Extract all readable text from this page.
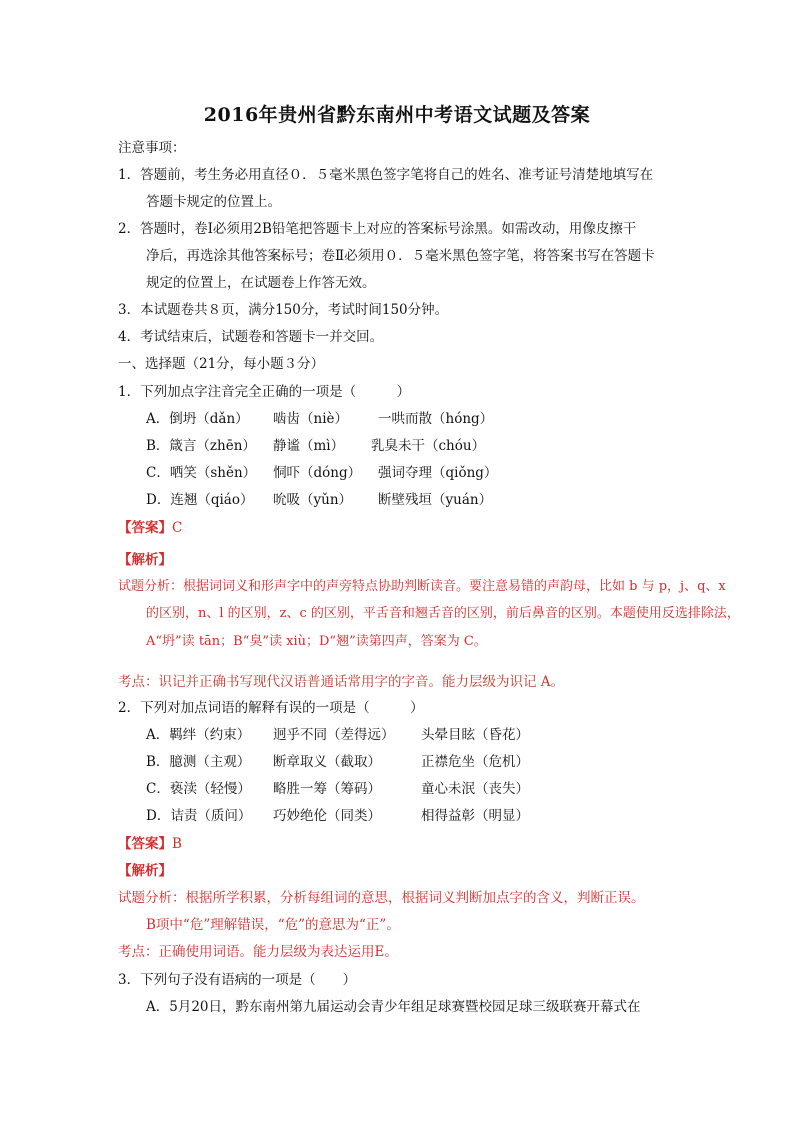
2016年贵州省黔东南州中考语文试题及答案
注意事项：
1．答题前，考生务必用直径０．５毫米黑色签字笔将自己的姓名、准考证号清楚地填写在
答题卡规定的位置上。
2．答题时，卷Ⅰ必须用2B铅笔把答题卡上对应的答案标号涂黑。如需改动，用像皮擦干
净后，再选涂其他答案标号；卷Ⅱ必须用０．５毫米黑色签字笔，将答案书写在答题卡
规定的位置上，在试题卷上作答无效。
3．本试题卷共８页，满分150分，考试时间150分钟。
4．考试结束后，试题卷和答题卡一并交回。
一、选择题（21分，每小题３分）
1．下列加点字注音完全正确的一项是（　　　）
A．倒坍（dǎn） 啮齿（niè） 一哄而散（hóng）
B．箴言（zhēn） 静谧（mì） 乳臭未干（chóu）
C．哂笑（shěn） 恫吓（dóng） 强词夺理（qiǒng）
D．连翘（qiáo） 吮吸（yǔn） 断壁残垣（yuán）
【答案】C
【解析】
试题分析：根据词词义和形声字中的声旁特点协助判断读音。要注意易错的声韵母，比如 b 与 p，j、q、x
的区别，n、l 的区别，z、c 的区别，平舌音和翘舌音的区别，前后鼻音的区别。本题使用反选排除法，
A“坍”读 tān；B“臭”读 xiù；D“翘”读第四声，答案为 C。
考点：识记并正确书写现代汉语普通话常用字的字音。能力层级为识记 A。
2．下列对加点词语的解释有误的一项是（　　　）
A．羁绊（约束） 迥乎不同（差得远） 头晕目眩（昏花）
B．臆测（主观） 断章取义（截取）	正襟危坐（危机）
C．亵渎（轻慢） 略胜一筹（筹码）	童心未泯（丧失）
D．诘责（质问） 巧妙绝伦（同类）	相得益彰（明显）
【答案】B
【解析】
试题分析：根据所学积累，分析每组词的意思，根据词义判断加点字的含义，判断正误。
B项中“危”理解错误，“危”的意思为“正”。
考点：正确使用词语。能力层级为表达运用E。
3．下列句子没有语病的一项是（　　）
A．5月20日，黔东南州第九届运动会青少年组足球赛暨校园足球三级联赛开幕式在
